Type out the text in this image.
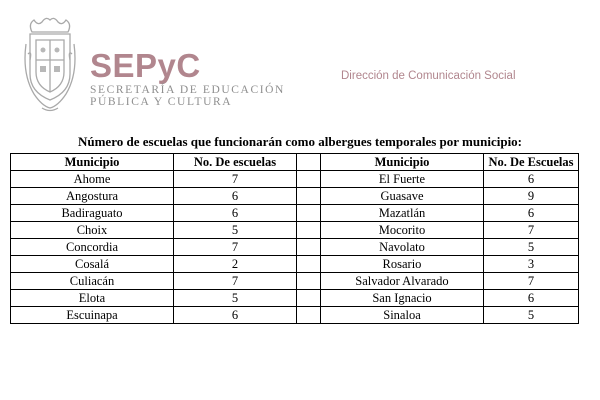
SEPyC
SECRETARÍA DE EDUCACIÓN
PÚBLICA Y CULTURA
Dirección de Comunicación Social
Número de escuelas que funcionarán como albergues temporales por municipio:
Municipio	No. De escuelas		Municipio	No. De Escuelas
Ahome	7		El Fuerte	6
Angostura	6		Guasave	9
Badiraguato	6		Mazatlán	6
Choix	5		Mocorito	7
Concordia	7		Navolato	5
Cosalá	2		Rosario	3
Culiacán	7		Salvador Alvarado	7
Elota	5		San Ignacio	6
Escuinapa	6		Sinaloa	5
